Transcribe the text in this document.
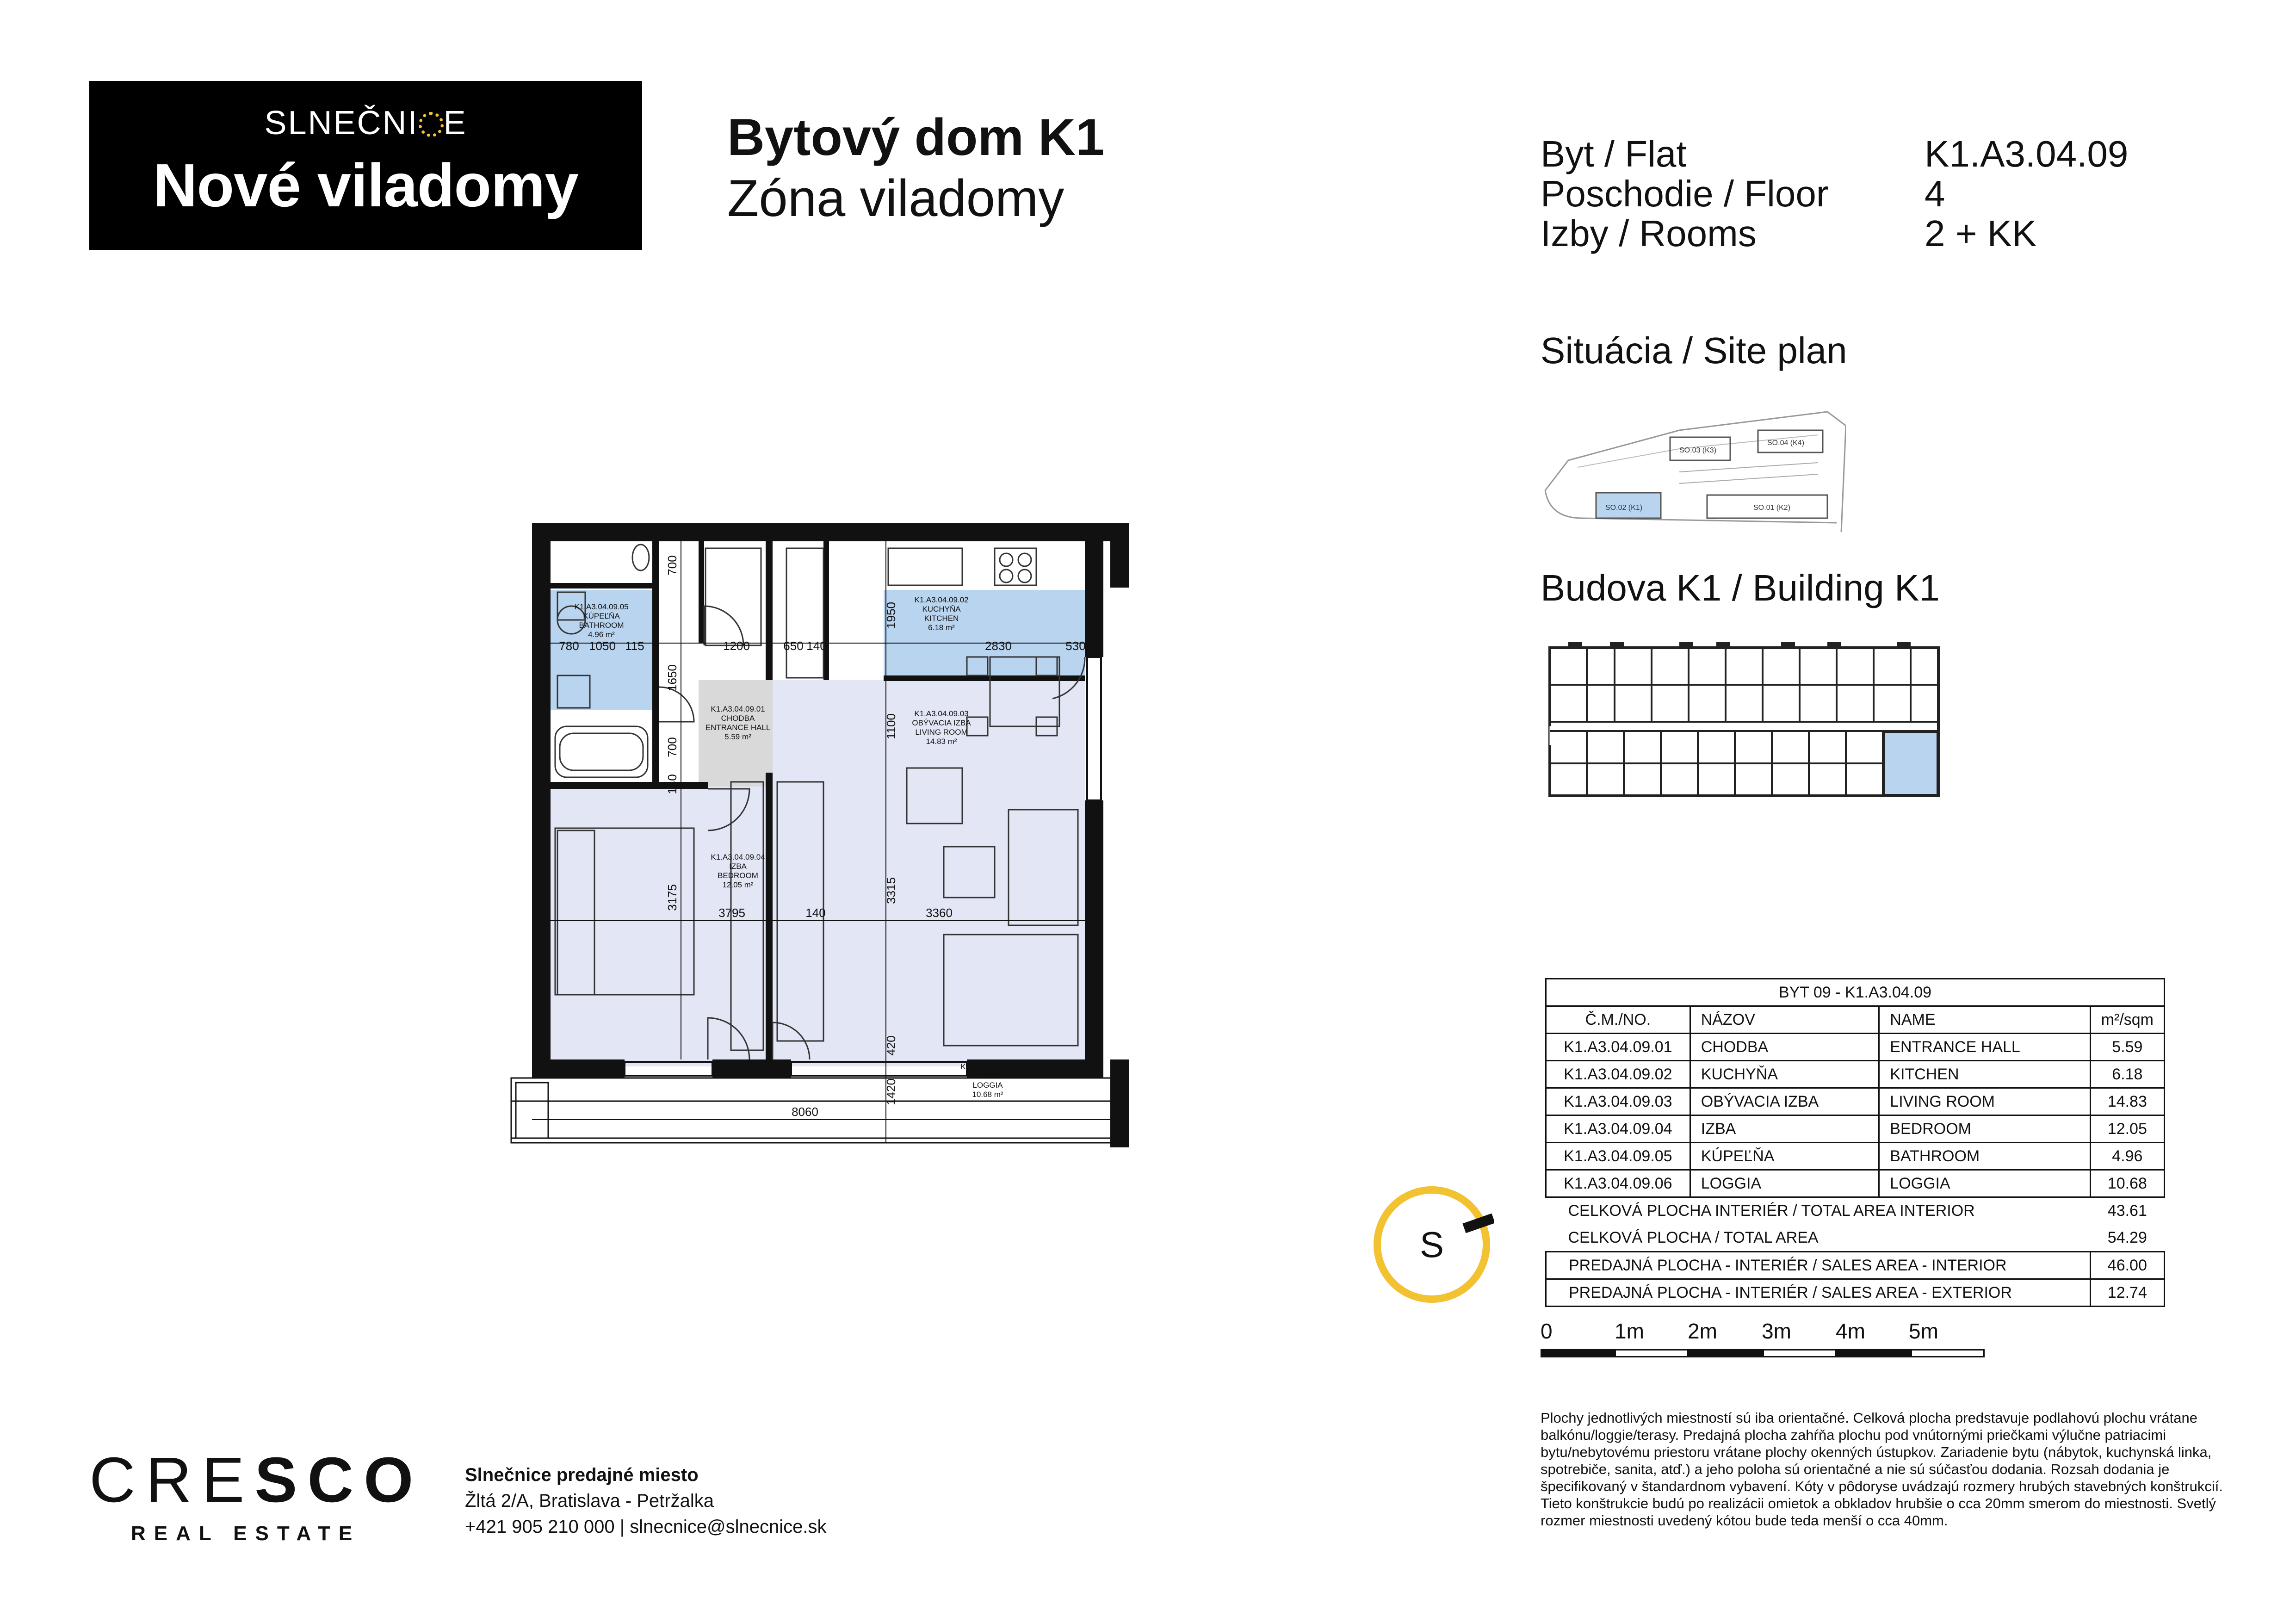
SLNEČNI E
Nové viladomy
Bytový dom K1
Zóna viladomy
Byt / Flat	K1.A3.04.09
Poschodie / Floor	4
Izby / Rooms	2 + KK
Situácia / Site plan
SO.03 (K3)
SO.04 (K4)
SO.02 (K1)	SO.01 (K2)
Budova K1 / Building K1
K1.A3.04.09.05
KÚPEĽŇA
BATHROOM
4.96 m²
K1.A3.04.09.02
KUCHYŇA
KITCHEN
6.18 m²
K1.A3.04.09.01
CHODBA
ENTRANCE HALL
5.59 m²
K1.A3.04.09.03
OBÝVACIA IZBA
LIVING ROOM
14.83 m²
K1.A3.04.09.04
IZBA
BEDROOM
12.05 m²
K1.A3.04.09.06
LOGGIA
LOGGIA
10.68 m²
780 1050 115	1200	650 140	2830	530
3795	140	3360
8060
700
1650
700
140
3175
1950
1100
3315
420
1420
BYT 09 - K1.A3.04.09			
Č.M./NO.	NÁZOV	NAME	m²/sqm
K1.A3.04.09.01	CHODBA	ENTRANCE HALL	5.59
K1.A3.04.09.02	KUCHYŇA	KITCHEN	6.18
K1.A3.04.09.03	OBÝVACIA IZBA	LIVING ROOM	14.83
K1.A3.04.09.04	IZBA	BEDROOM	12.05
K1.A3.04.09.05	KÚPEĽŇA	BATHROOM	4.96
K1.A3.04.09.06	LOGGIA	LOGGIA	10.68
CELKOVÁ PLOCHA INTERIÉR / TOTAL AREA INTERIOR			43.61
CELKOVÁ PLOCHA / TOTAL AREA			54.29
PREDAJNÁ PLOCHA - INTERIÉR / SALES AREA - INTERIOR			46.00
PREDAJNÁ PLOCHA - INTERIÉR / SALES AREA - EXTERIOR			12.74
S
0	1m 2m 3m 4m 5m
Plochy jednotlivých miestností sú iba orientačné. Celková plocha predstavuje podlahovú plochu vrátane balkónu/loggie/terasy. Predajná plocha zahŕňa plochu pod vnútornými priečkami výlučne patriacimi bytu/nebytovému priestoru vrátane plochy okenných ústupkov. Zariadenie bytu (nábytok, kuchynská linka, spotrebiče, sanita, atď.) a jeho poloha sú orientačné a nie sú súčasťou dodania. Rozsah dodania je špecifikovaný v štandardnom vybavení. Kóty v pôdoryse uvádzajú rozmery hrubých stavebných konštrukcií. Tieto konštrukcie budú po realizácii omietok a obkladov hrubšie o cca 20mm smerom do miestnosti. Svetlý rozmer miestnosti uvedený kótou bude teda menší o cca 40mm.
CRESCO
REAL ESTATE
Slnečnice predajné miesto
Žltá 2/A, Bratislava - Petržalka
+421 905 210 000 | slnecnice@slnecnice.sk
